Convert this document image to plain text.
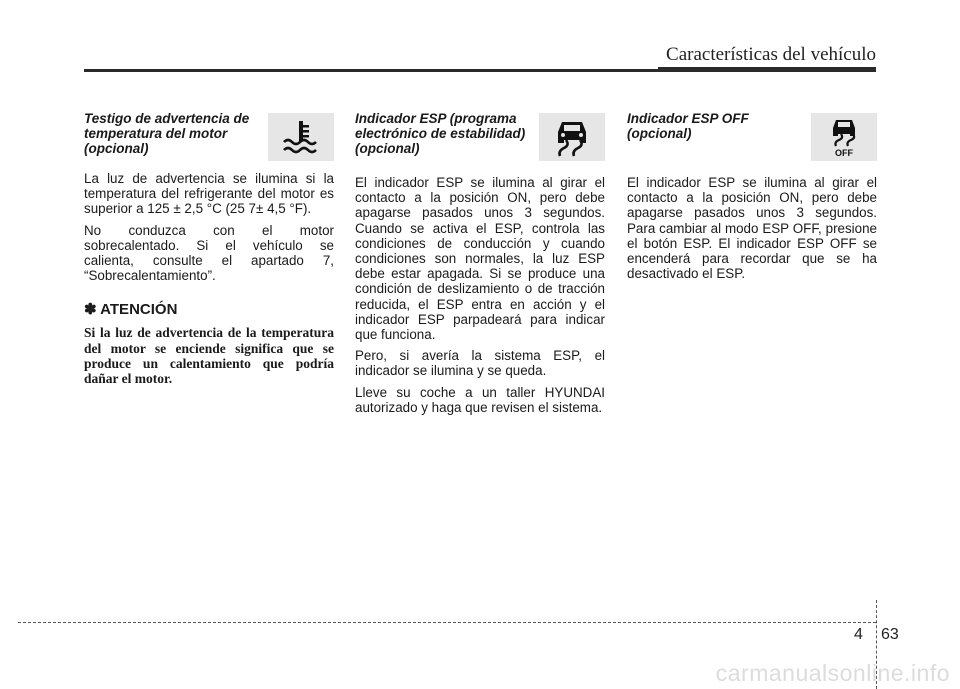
Características del vehículo
Testigo de advertencia de temperatura del motor (opcional)

La luz de advertencia se ilumina si la temperatura del refrigerante del motor es superior a 125 ± 2,5 °C (25 7± 4,5 °F).

No conduzca con el motor sobrecalentado. Si el vehículo se calienta, consulte el apartado 7, “Sobrecalentamiento”.

✽ ATENCIÓN
Si la luz de advertencia de la temperatura del motor se enciende significa que se produce un calentamiento que podría dañar el motor.
Indicador ESP (programa electrónico de estabilidad) (opcional)

El indicador ESP se ilumina al girar el contacto a la posición ON, pero debe apagarse pasados unos 3 segundos. Cuando se activa el ESP, controla las condiciones de conducción y cuando condiciones son normales, la luz ESP debe estar apagada. Si se produce una condición de deslizamiento o de tracción reducida, el ESP entra en acción y el indicador ESP parpadeará para indicar que funciona.

Pero, si avería la sistema ESP, el indicador se ilumina y se queda.

Lleve su coche a un taller HYUNDAI autorizado y haga que revisen el sistema.

Indicador ESP OFF (opcional)
OFF

El indicador ESP se ilumina al girar el contacto a la posición ON, pero debe apagarse pasados unos 3 segundos. Para cambiar al modo ESP OFF, presione el botón ESP. El indicador ESP OFF se encenderá para recordar que se ha desactivado el ESP.

4 63
carmanualsonline.info
